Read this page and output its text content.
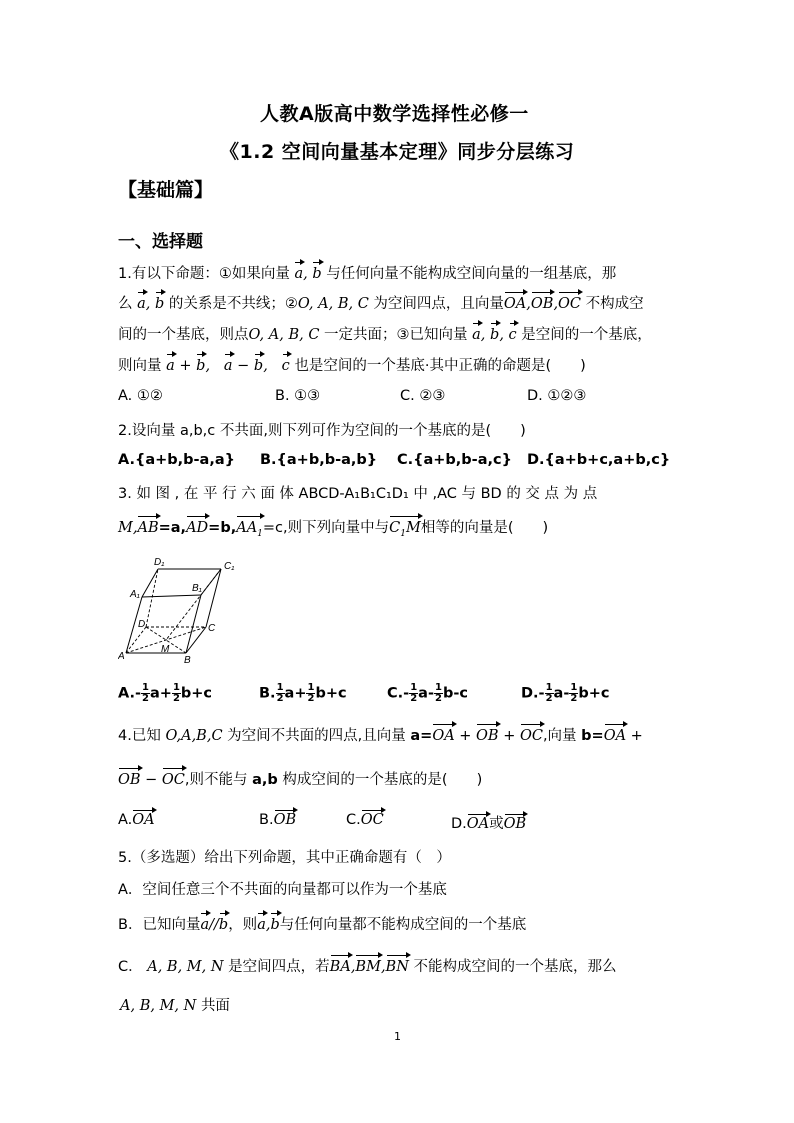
人教A版高中数学选择性必修一
《1.2 空间向量基本定理》同步分层练习
【基础篇】
一、选择题
1.有以下命题：①如果向量 a, b 与任何向量不能构成空间向量的一组基底，那
么 a, b 的关系是不共线；②O, A, B, C 为空间四点，且向量OA,OB,OC 不构成空
间的一个基底，则点O, A, B, C 一定共面；③已知向量 a, b, c 是空间的一个基底，
则向量 a + b,   a − b,   c 也是空间的一个基底·其中正确的命题是(　　)
A. ①②	B. ①③	C. ②③	D. ①②③
2.设向量 a,b,c 不共面,则下列可作为空间的一个基底的是(　　)
A.{a+b,b-a,a} B.{a+b,b-a,b} C.{a+b,b-a,c} D.{a+b+c,a+b,c}
3. 如 图 , 在 平 行 六 面 体 ABCD-A₁B₁C₁D₁ 中 ,AC 与 BD 的 交 点 为 点
$M,AB=a,AD=b,AA_1=c$,则下列向量中与$C_1M$相等的向量是(　　)
D₁	C₁
A₁
B₁
D	C
A
M
B
$A.- \frac{1}{2} a+ \frac{1}{2} b+c$	B. $\frac{1}{2} a+ \frac{1}{2} b+c$	$C.- \frac{1}{2} a- \frac{1}{2} b-c$	$D.- \frac{1}{2} a- \frac{1}{2} b+c$
4.已知 O,A,B,C 为空间不共面的四点,且向量 a=OA + OB + OC,向量 b=OA +
OB − OC,则不能与 a,b 构成空间的一个基底的是(　　)
A.OA	B.OB	C.OC	D.OA或OB
5.（多选题）给出下列命题，其中正确命题有（　）
A．空间任意三个不共面的向量都可以作为一个基底
B．已知向量a//b，则a,b与任何向量都不能构成空间的一个基底
C． A, B, M, N 是空间四点，若BA,BM,BN 不能构成空间的一个基底，那么
A, B, M, N 共面
1
